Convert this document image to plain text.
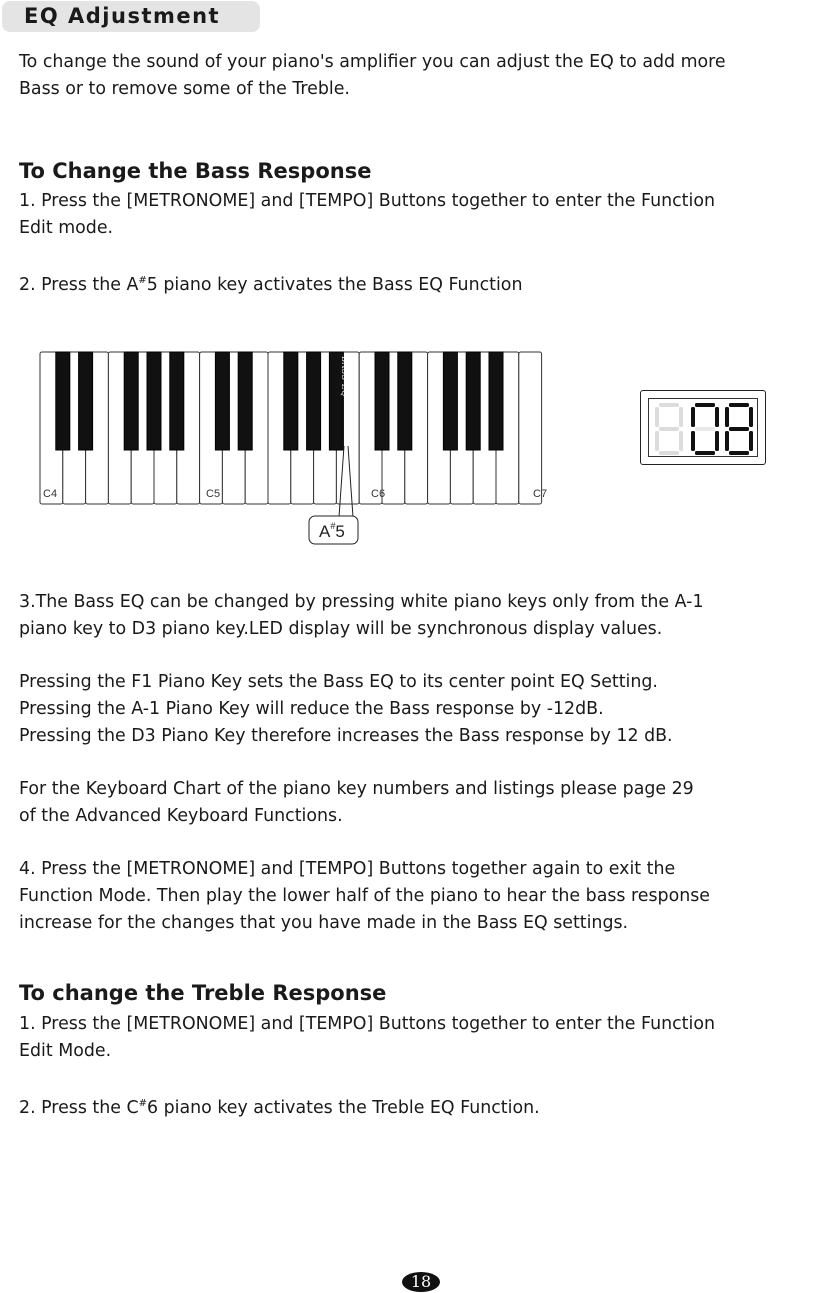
EQ Adjustment
To change the sound of your piano's amplifier you can adjust the EQ to add more
Bass or to remove some of the Treble.
To Change the Bass Response
1. Press the [METRONOME] and [TEMPO] Buttons together to enter the Function
Edit mode.
2. Press the A#5 piano key activates the Bass EQ Function
BASS EQ
C4	C5	C6	C7
A#5
3.The Bass EQ can be changed by pressing white piano keys only from the A-1
piano key to D3 piano key.LED display will be synchronous display values.
Pressing the F1 Piano Key sets the Bass EQ to its center point EQ Setting.
Pressing the A-1 Piano Key will reduce the Bass response by -12dB.
Pressing the D3 Piano Key therefore increases the Bass response by 12 dB.
For the Keyboard Chart of the piano key numbers and listings please page 29
of the Advanced Keyboard Functions.
4. Press the [METRONOME] and [TEMPO] Buttons together again to exit the
Function Mode. Then play the lower half of the piano to hear the bass response
increase for the changes that you have made in the Bass EQ settings.
To change the Treble Response
1. Press the [METRONOME] and [TEMPO] Buttons together to enter the Function
Edit Mode.
2. Press the C#6 piano key activates the Treble EQ Function.
18
